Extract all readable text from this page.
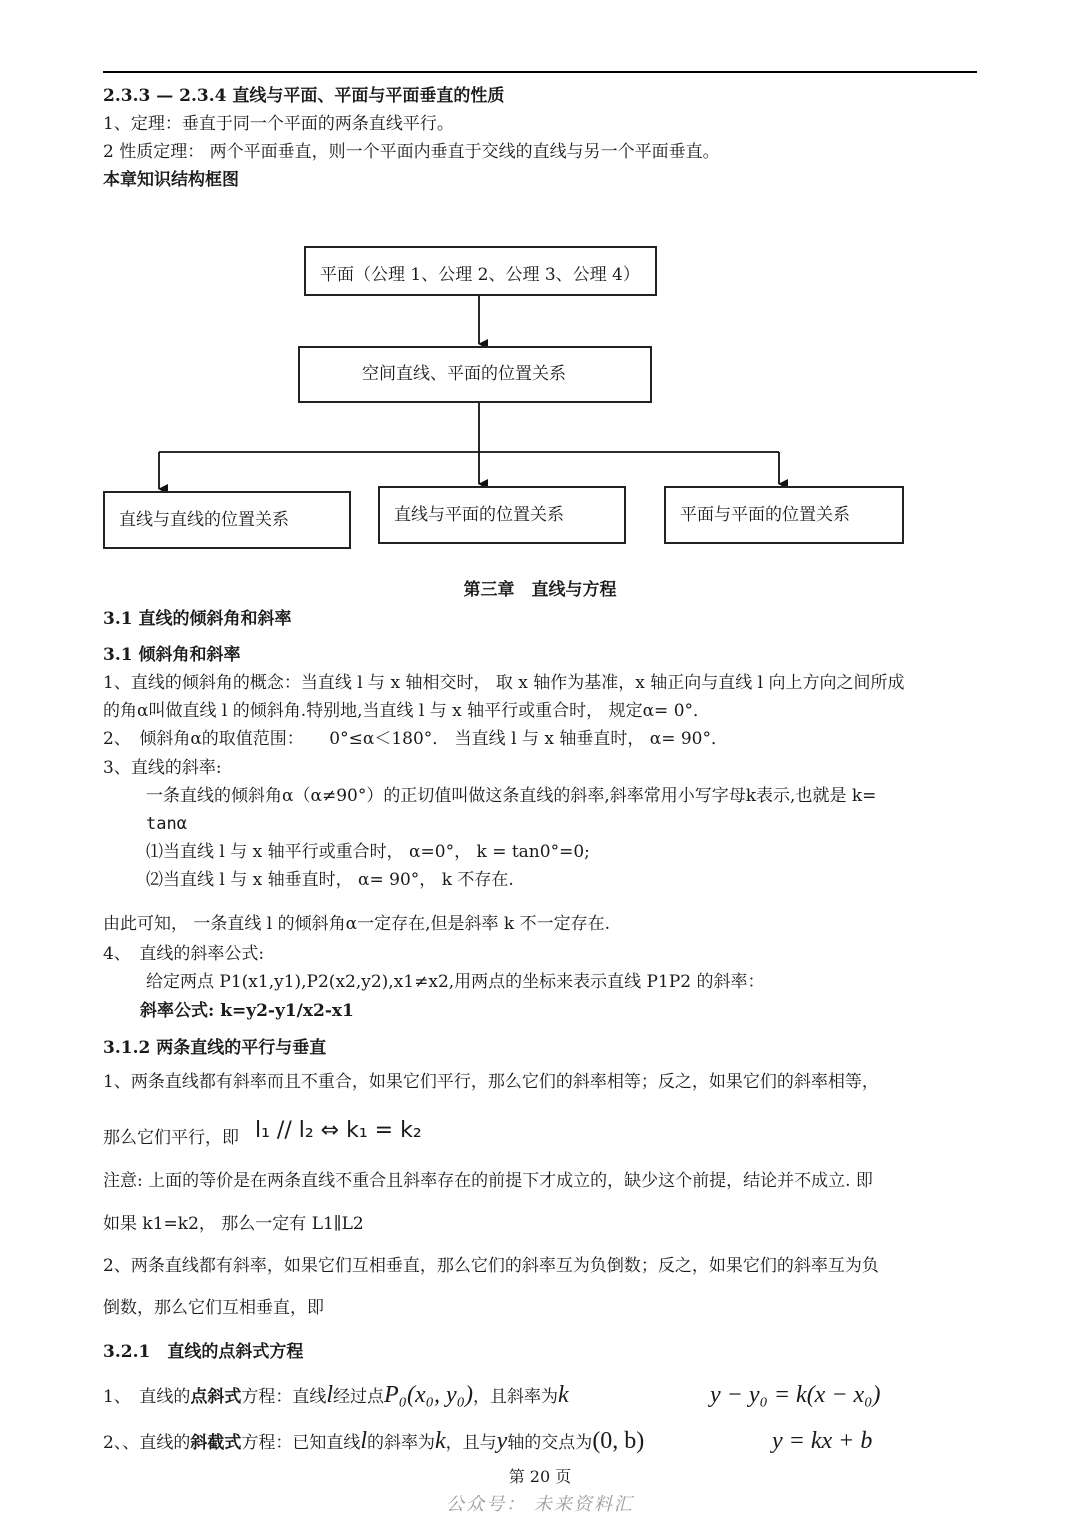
2.3.3 — 2.3.4 直线与平面、平面与平面垂直的性质
1、定理：垂直于同一个平面的两条直线平行。
2 性质定理： 两个平面垂直，则一个平面内垂直于交线的直线与另一个平面垂直。
本章知识结构框图
平面（公理 1、公理 2、公理 3、公理 4）
空间直线、平面的位置关系
直线与直线的位置关系	直线与平面的位置关系	平面与平面的位置关系
第三章　直线与方程
3.1 直线的倾斜角和斜率
3.1 倾斜角和斜率
1、直线的倾斜角的概念：当直线 l 与 x 轴相交时， 取 x 轴作为基准，x 轴正向与直线 l 向上方向之间所成
的角α叫做直线 l 的倾斜角.特别地,当直线 l 与 x 轴平行或重合时， 规定α= 0°．
2、　倾斜角α的取值范围：　　0°≤α＜180°． 当直线 l 与 x 轴垂直时， α= 90°．
3、直线的斜率:
一条直线的倾斜角α（α≠90°）的正切值叫做这条直线的斜率,斜率常用小写字母k表示,也就是 k=
tanα
⑴当直线 l 与 x 轴平行或重合时， α=0°， k = tan0°=0;
⑵当直线 l 与 x 轴垂直时， α= 90°， k 不存在.
由此可知， 一条直线 l 的倾斜角α一定存在,但是斜率 k 不一定存在.
4、　直线的斜率公式:
给定两点 P1(x1,y1),P2(x2,y2),x1≠x2,用两点的坐标来表示直线 P1P2 的斜率：
斜率公式: k=y2-y1/x2-x1
3.1.2 两条直线的平行与垂直
1、两条直线都有斜率而且不重合，如果它们平行，那么它们的斜率相等；反之，如果它们的斜率相等，
那么它们平行，即 l₁ // l₂ ⇔ k₁ = k₂
注意: 上面的等价是在两条直线不重合且斜率存在的前提下才成立的，缺少这个前提，结论并不成立. 即
如果 k1=k2， 那么一定有 L1∥L2
2、两条直线都有斜率，如果它们互相垂直，那么它们的斜率互为负倒数；反之，如果它们的斜率互为负
倒数，那么它们互相垂直，即
3.2.1　直线的点斜式方程
1、　直线的点斜式方程：直线l经过点P₀(x₀, y₀)，且斜率为k	y − y₀ = k(x − x₀)
2、、直线的斜截式方程：已知直线l的斜率为k，且与y轴的交点为(0, b)	y = kx + b
第 20 页
公众号： 未来资料汇
